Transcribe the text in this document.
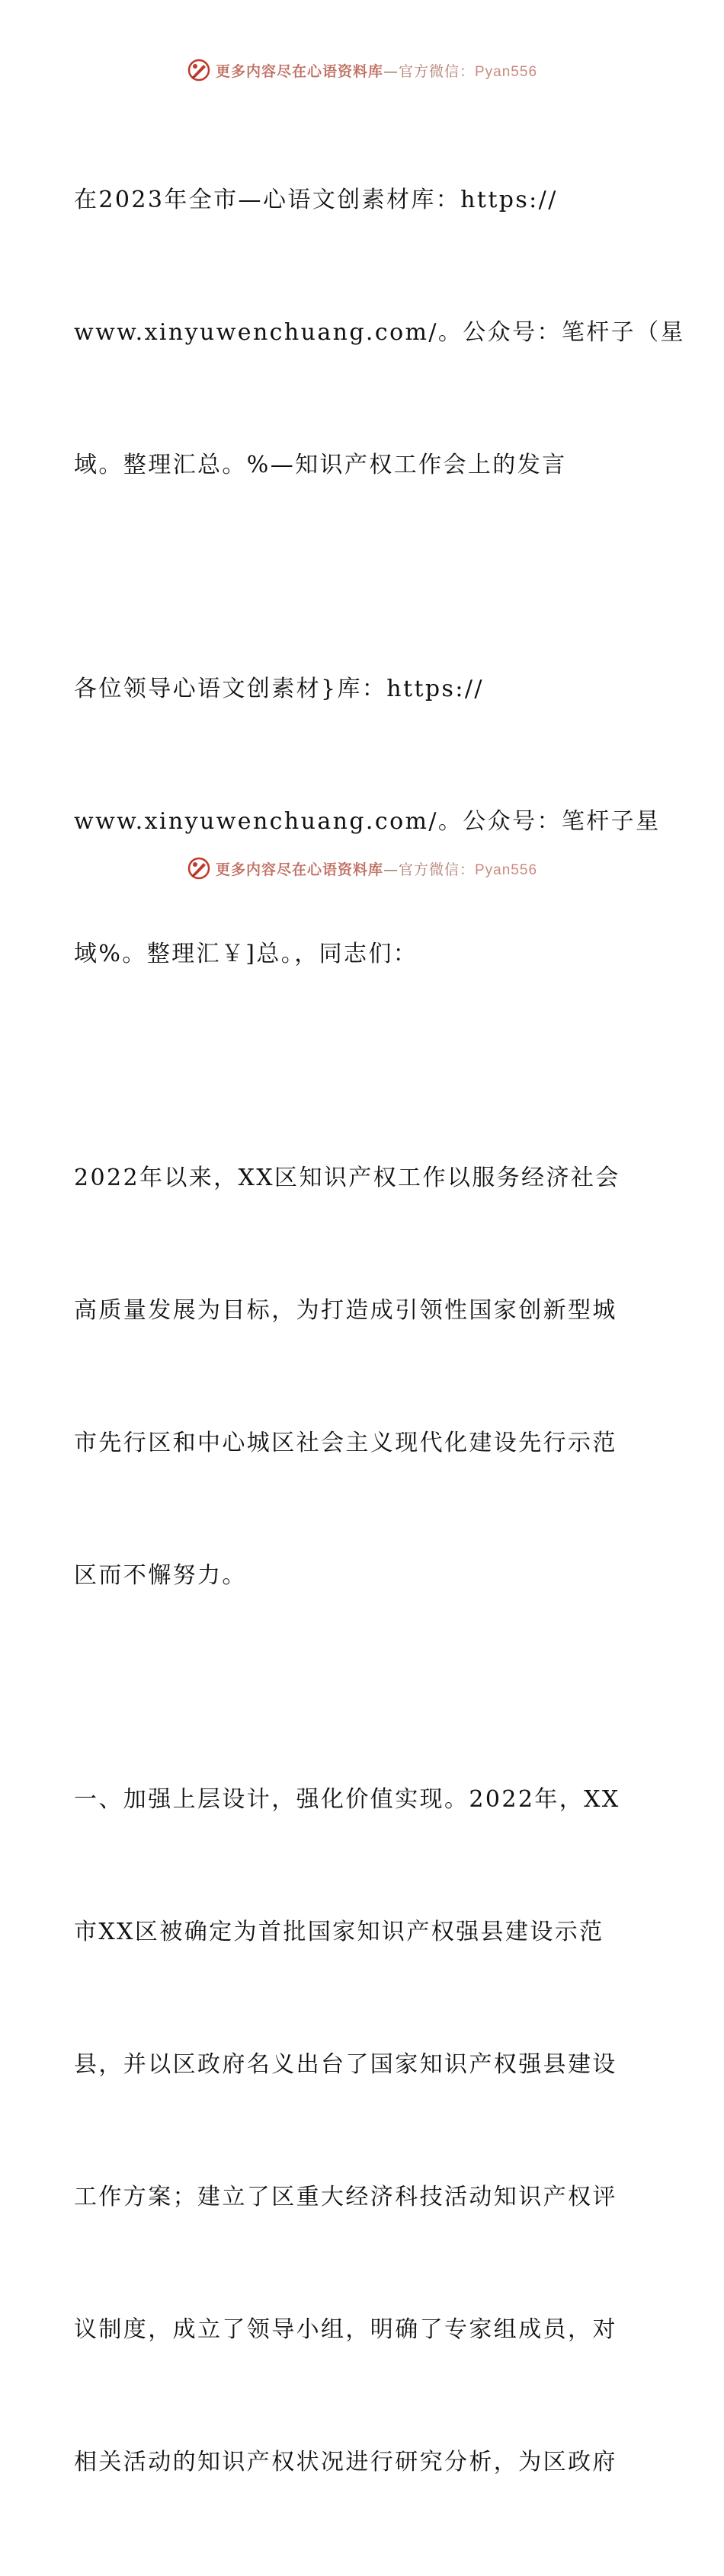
更多内容尽在心语资料库—官方微信：Pyan556

在2023年全市—心语文创素材库：https://

www.xinyuwenchuang.com/。公众号：笔杆子（星

域。整理汇总。%—知识产权工作会上的发言

各位领导心语文创素材}库：https://

www.xinyuwenchuang.com/。公众号：笔杆子星

域%。整理汇￥]总。，同志们：

2022年以来，XX区知识产权工作以服务经济社会

高质量发展为目标，为打造成引领性国家创新型城

市先行区和中心城区社会主义现代化建设先行示范

区而不懈努力。

一、加强上层设计，强化价值实现。2022年，XX

市XX区被确定为首批国家知识产权强县建设示范

县，并以区政府名义出台了国家知识产权强县建设

工作方案；建立了区重大经济科技活动知识产权评

议制度，成立了领导小组，明确了专家组成员，对

相关活动的知识产权状况进行研究分析，为区政府

更多内容尽在心语资料库—官方微信：Pyan556
